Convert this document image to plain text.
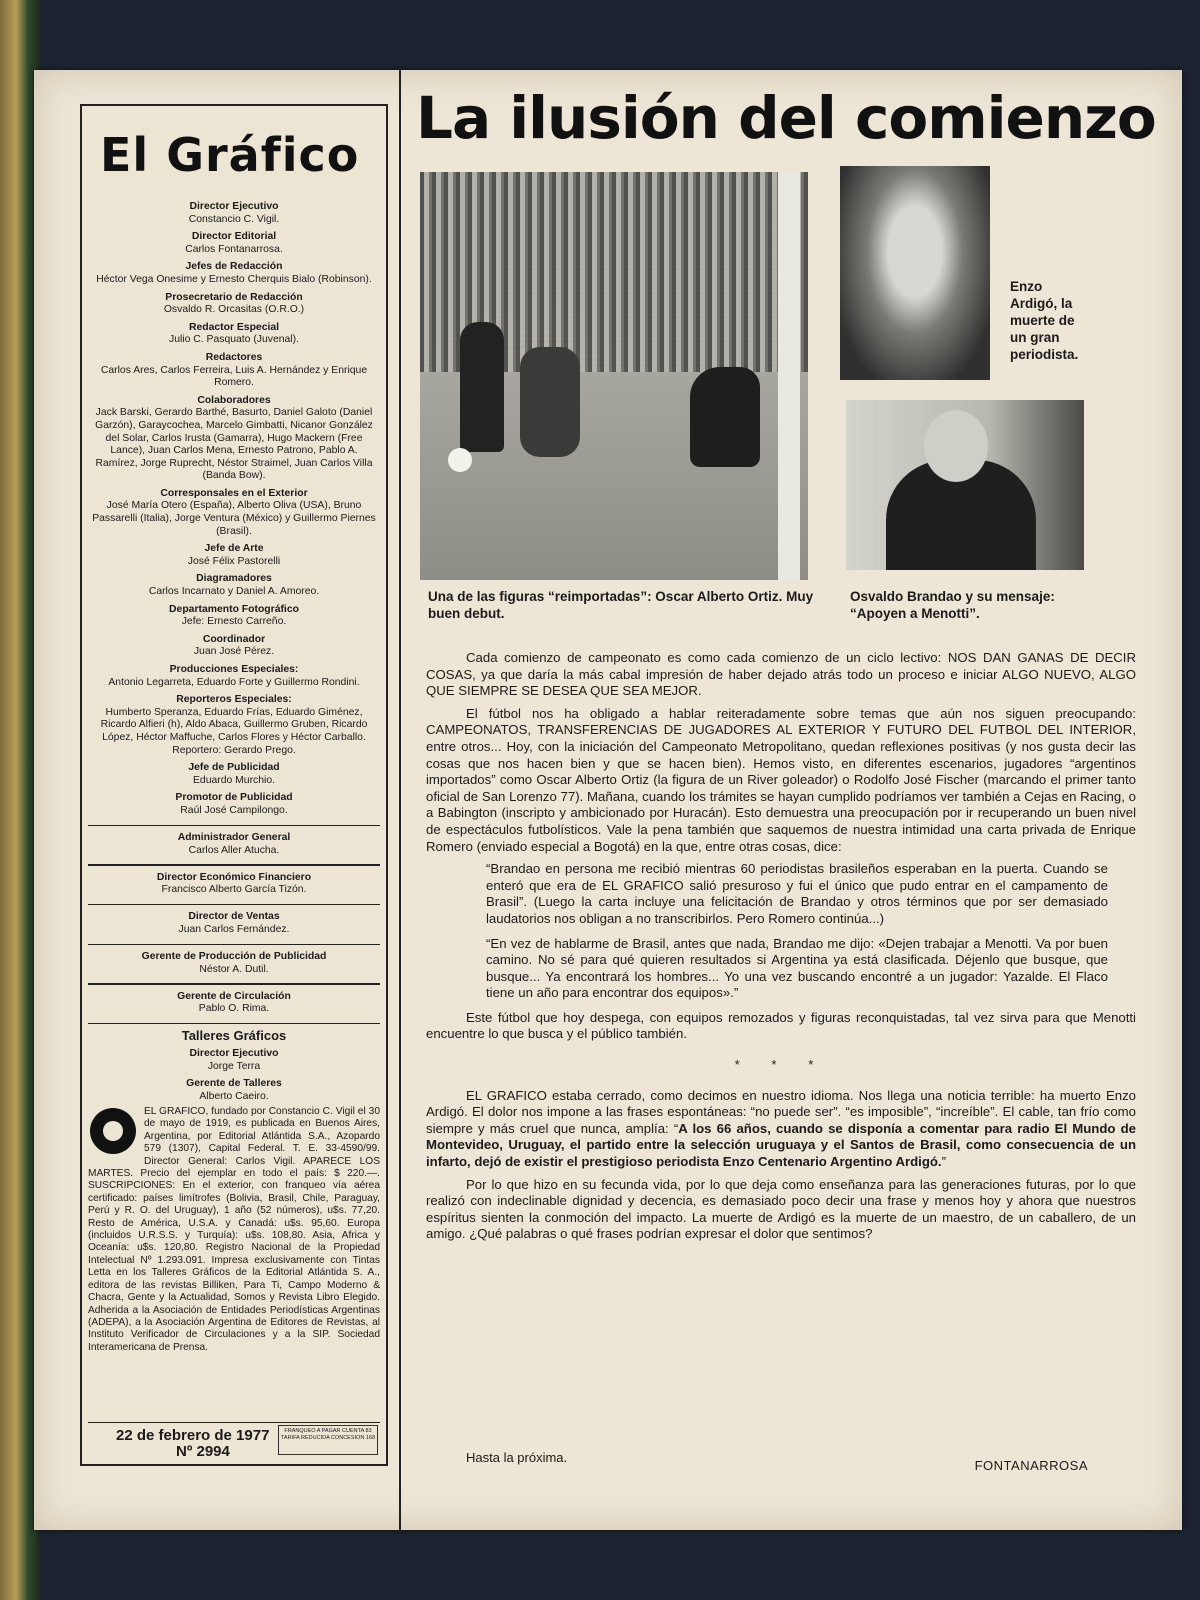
El Gráfico
Director Ejecutivo
Constancio C. Vigil.
Director Editorial
Carlos Fontanarrosa.
Jefes de Redacción
Héctor Vega Onesime y Ernesto Cherquis Bialo (Robinson).
Prosecretario de Redacción
Osvaldo R. Orcasitas (O.R.O.)
Redactor Especial
Julio C. Pasquato (Juvenal).
Redactores
Carlos Ares, Carlos Ferreira, Luis A. Hernández y Enrique Romero.
Colaboradores
Jack Barski, Gerardo Barthé, Basurto, Daniel Galoto (Daniel Garzón), Garaycochea, Marcelo Gimbatti, Nicanor González del Solar, Carlos Irusta (Gamarra), Hugo Mackern (Free Lance), Juan Carlos Mena, Ernesto Patrono, Pablo A. Ramírez, Jorge Ruprecht, Néstor Straimel, Juan Carlos Villa (Banda Bow).
Corresponsales en el Exterior
José María Otero (España), Alberto Oliva (USA), Bruno Passarelli (Italia), Jorge Ventura (México) y Guillermo Piernes (Brasil).
Jefe de Arte
José Félix Pastorelli
Diagramadores
Carlos Incarnato y Daniel A. Amoreo.
Departamento Fotográfico
Jefe: Ernesto Carreño.
Coordinador
Juan José Pérez.
Producciones Especiales:
Antonio Legarreta, Eduardo Forte y Guillermo Rondini.
Reporteros Especiales:
Humberto Speranza, Eduardo Frías, Eduardo Giménez, Ricardo Alfieri (h), Aldo Abaca, Guillermo Gruben, Ricardo López, Héctor Maffuche, Carlos Flores y Héctor Carballo. Reportero: Gerardo Prego.
Jefe de Publicidad
Eduardo Murchio.
Promotor de Publicidad
Raúl José Campilongo.
Administrador General
Carlos Aller Atucha.
Director Económico Financiero
Francisco Alberto García Tizón.
Director de Ventas
Juan Carlos Fernández.
Gerente de Producción de Publicidad
Néstor A. Dutil.
Gerente de Circulación
Pablo O. Rima.
Talleres Gráficos
Director Ejecutivo
Jorge Terra
Gerente de Talleres
Alberto Caeiro.

EL GRAFICO, fundado por Constancio C. Vigil el 30 de mayo de 1919, es publicada en Buenos Aires, Argentina, por Editorial Atlántida S.A., Azopardo 579 (1307), Capital Federal. T. E. 33-4590/99. Director General: Carlos Vigil. APARECE LOS MARTES. Precio del ejemplar en todo el país: $ 220.—. SUSCRIPCIONES: En el exterior, con franqueo vía aérea certificado: países limítrofes (Bolivia, Brasil, Chile, Paraguay, Perú y R. O. del Uruguay), 1 año (52 números), u$s. 77,20. Resto de América, U.S.A. y Canadá: u$s. 95,60. Europa (incluidos U.R.S.S. y Turquía): u$s. 108,80. Asia, Africa y Oceanía: u$s. 120,80. Registro Nacional de la Propiedad Intelectual Nº 1.293.091. Impresa exclusivamente con Tintas Letta en los Talleres Gráficos de la Editorial Atlántida S. A., editora de las revistas Billiken, Para Ti, Campo Moderno & Chacra, Gente y la Actualidad, Somos y Revista Libro Elegido. Adherida a la Asociación de Entidades Periodísticas Argentinas (ADEPA), a la Asociación Argentina de Editores de Revistas, al Instituto Verificador de Circulaciones y a la SIP. Sociedad Interamericana de Prensa.

22 de febrero de 1977
Nº 2994
FRANQUEO A PAGAR CUENTA 83 TARIFA REDUCIDA CONCESION 168
La ilusión del comienzo
Una de las figuras “reimportadas”: Oscar Alberto Ortiz. Muy buen debut.
Enzo Ardigó, la muerte de un gran periodista.
Osvaldo Brandao y su mensaje: “Apoyen a Menotti”.

Cada comienzo de campeonato es como cada comienzo de un ciclo lectivo: NOS DAN GANAS DE DECIR COSAS, ya que daría la más cabal impresión de haber dejado atrás todo un proceso e iniciar ALGO NUEVO, ALGO QUE SIEMPRE SE DESEA QUE SEA MEJOR.

El fútbol nos ha obligado a hablar reiteradamente sobre temas que aún nos siguen preocupando: CAMPEONATOS, TRANSFERENCIAS DE JUGADORES AL EXTERIOR Y FUTURO DEL FUTBOL DEL INTERIOR, entre otros... Hoy, con la iniciación del Campeonato Metropolitano, quedan reflexiones positivas (y nos gusta decir las cosas que nos hacen bien y que se hacen bien). Hemos visto, en diferentes escenarios, jugadores “argentinos importados” como Oscar Alberto Ortiz (la figura de un River goleador) o Rodolfo José Fischer (marcando el primer tanto oficial de San Lorenzo 77). Mañana, cuando los trámites se hayan cumplido podríamos ver también a Cejas en Racing, o a Babington (inscripto y ambicionado por Huracán). Esto demuestra una preocupación por ir recuperando un buen nivel de espectáculos futbolísticos. Vale la pena también que saquemos de nuestra intimidad una carta privada de Enrique Romero (enviado especial a Bogotá) en la que, entre otras cosas, dice:

“Brandao en persona me recibió mientras 60 periodistas brasileños esperaban en la puerta. Cuando se enteró que era de EL GRAFICO salió presuroso y fui el único que pudo entrar en el campamento de Brasil”. (Luego la carta incluye una felicitación de Brandao y otros términos que por ser demasiado laudatorios nos obligan a no transcribirlos. Pero Romero continúa...)

“En vez de hablarme de Brasil, antes que nada, Brandao me dijo: «Dejen trabajar a Menotti. Va por buen camino. No sé para qué quieren resultados si Argentina ya está clasificada. Déjenlo que busque, que busque... Ya encontrará los hombres... Yo una vez buscando encontré a un jugador: Yazalde. El Flaco tiene un año para encontrar dos equipos».”

Este fútbol que hoy despega, con equipos remozados y figuras reconquistadas, tal vez sirva para que Menotti encuentre lo que busca y el público también.

* * *

EL GRAFICO estaba cerrado, como decimos en nuestro idioma. Nos llega una noticia terrible: ha muerto Enzo Ardigó. El dolor nos impone a las frases espontáneas: “no puede ser”. “es imposible”, “increíble”. El cable, tan frío como siempre y más cruel que nunca, amplía: “A los 66 años, cuando se disponía a comentar para radio El Mundo de Montevideo, Uruguay, el partido entre la selección uruguaya y el Santos de Brasil, como consecuencia de un infarto, dejó de existir el prestigioso periodista Enzo Centenario Argentino Ardigó.”

Por lo que hizo en su fecunda vida, por lo que deja como enseñanza para las generaciones futuras, por lo que realizó con indeclinable dignidad y decencia, es demasiado poco decir una frase y menos hoy y ahora que nuestros espíritus sienten la conmoción del impacto. La muerte de Ardigó es la muerte de un maestro, de un caballero, de un amigo. ¿Qué palabras o qué frases podrían expresar el dolor que sentimos?

Hasta la próxima.
FONTANARROSA
